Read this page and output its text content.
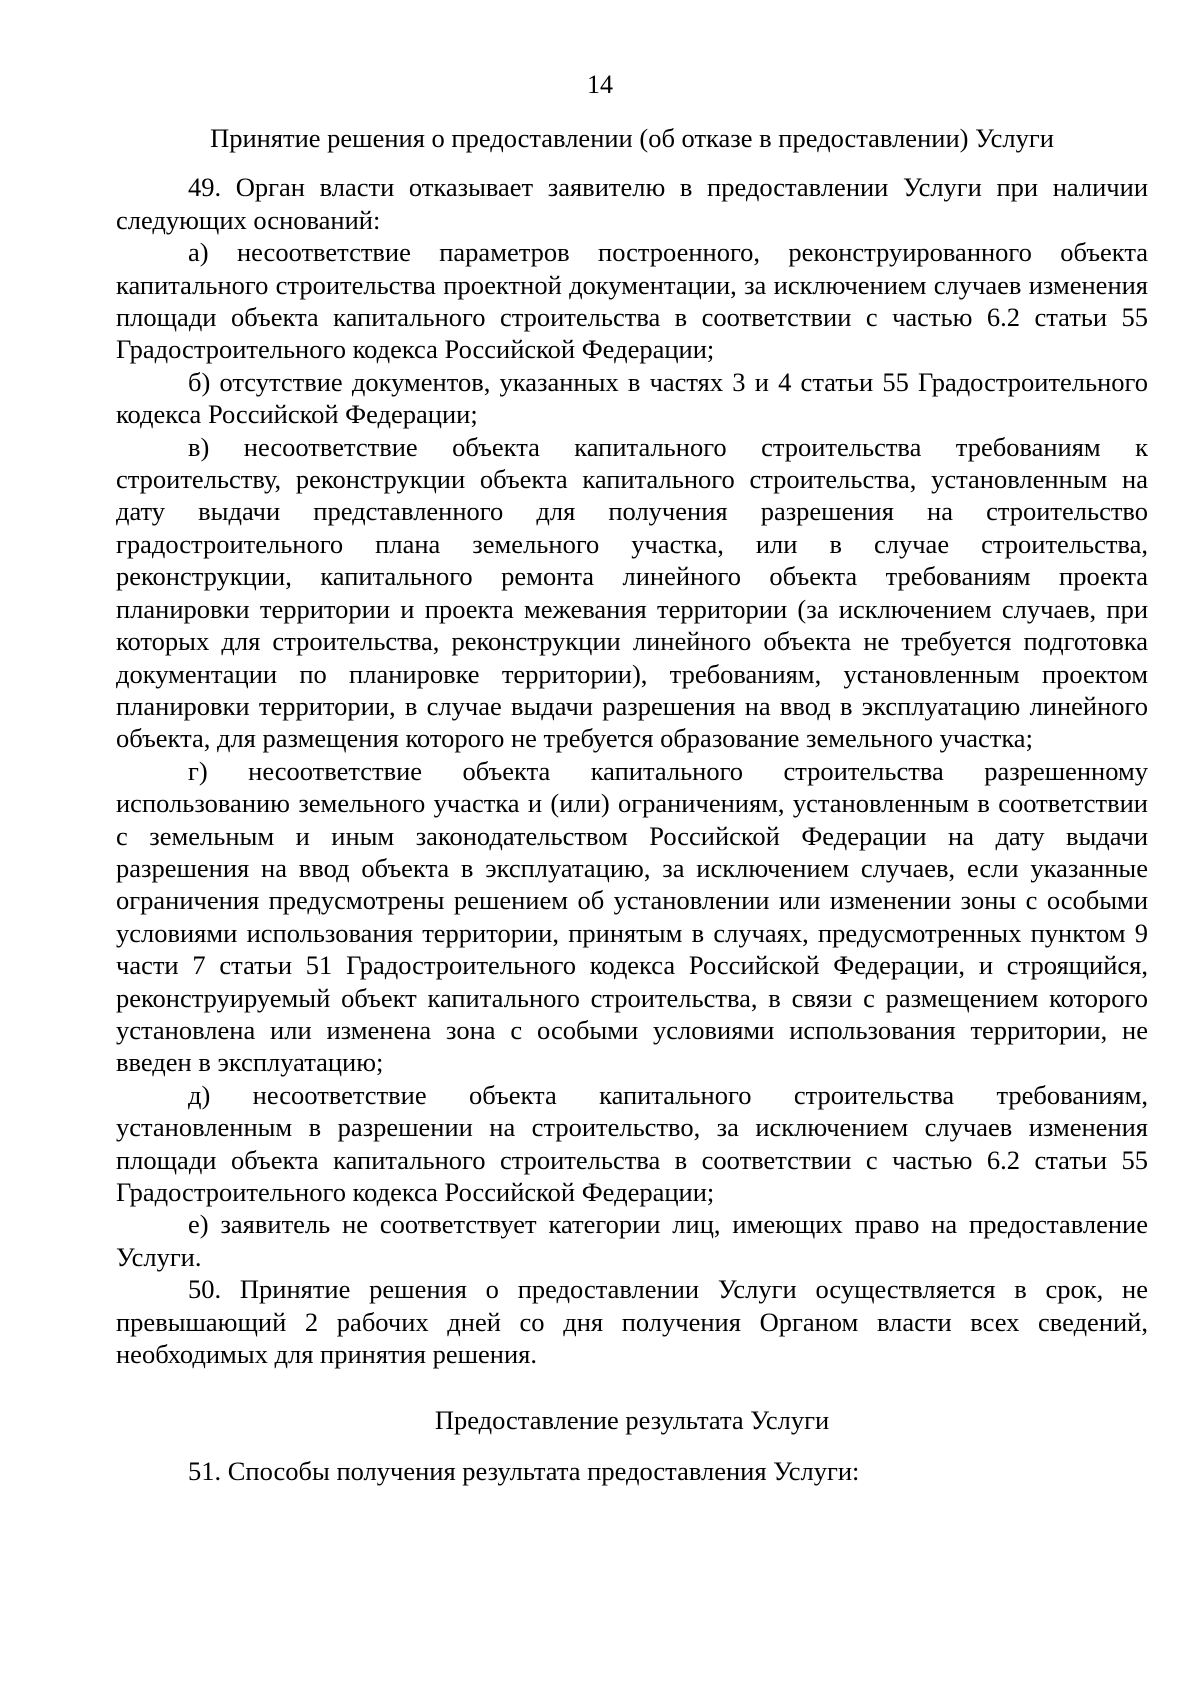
14

Принятие решения о предоставлении (об отказе в предоставлении) Услуги

49. Орган власти отказывает заявителю в предоставлении Услуги при наличии следующих оснований:

а) несоответствие параметров построенного, реконструированного объекта капитального строительства проектной документации, за исключением случаев изменения площади объекта капитального строительства в соответствии с частью 6.2 статьи 55 Градостроительного кодекса Российской Федерации;

б) отсутствие документов, указанных в частях 3 и 4 статьи 55 Градостроительного кодекса Российской Федерации;

в) несоответствие объекта капитального строительства требованиям к строительству, реконструкции объекта капитального строительства, установленным на дату выдачи представленного для получения разрешения на строительство градостроительного плана земельного участка, или в случае строительства, реконструкции, капитального ремонта линейного объекта требованиям проекта планировки территории и проекта межевания территории (за исключением случаев, при которых для строительства, реконструкции линейного объекта не требуется подготовка документации по планировке территории), требованиям, установленным проектом планировки территории, в случае выдачи разрешения на ввод в эксплуатацию линейного объекта, для размещения которого не требуется образование земельного участка;

г) несоответствие объекта капитального строительства разрешенному использованию земельного участка и (или) ограничениям, установленным в соответствии с земельным и иным законодательством Российской Федерации на дату выдачи разрешения на ввод объекта в эксплуатацию, за исключением случаев, если указанные ограничения предусмотрены решением об установлении или изменении зоны с особыми условиями использования территории, принятым в случаях, предусмотренных пунктом 9 части 7 статьи 51 Градостроительного кодекса Российской Федерации, и строящийся, реконструируемый объект капитального строительства, в связи с размещением которого установлена или изменена зона с особыми условиями использования территории, не введен в эксплуатацию;

д) несоответствие объекта капитального строительства требованиям, установленным в разрешении на строительство, за исключением случаев изменения площади объекта капитального строительства в соответствии с частью 6.2 статьи 55 Градостроительного кодекса Российской Федерации;

е) заявитель не соответствует категории лиц, имеющих право на предоставление Услуги.

50. Принятие решения о предоставлении Услуги осуществляется в срок, не превышающий 2 рабочих дней со дня получения Органом власти всех сведений, необходимых для принятия решения.

Предоставление результата Услуги

51. Способы получения результата предоставления Услуги:
